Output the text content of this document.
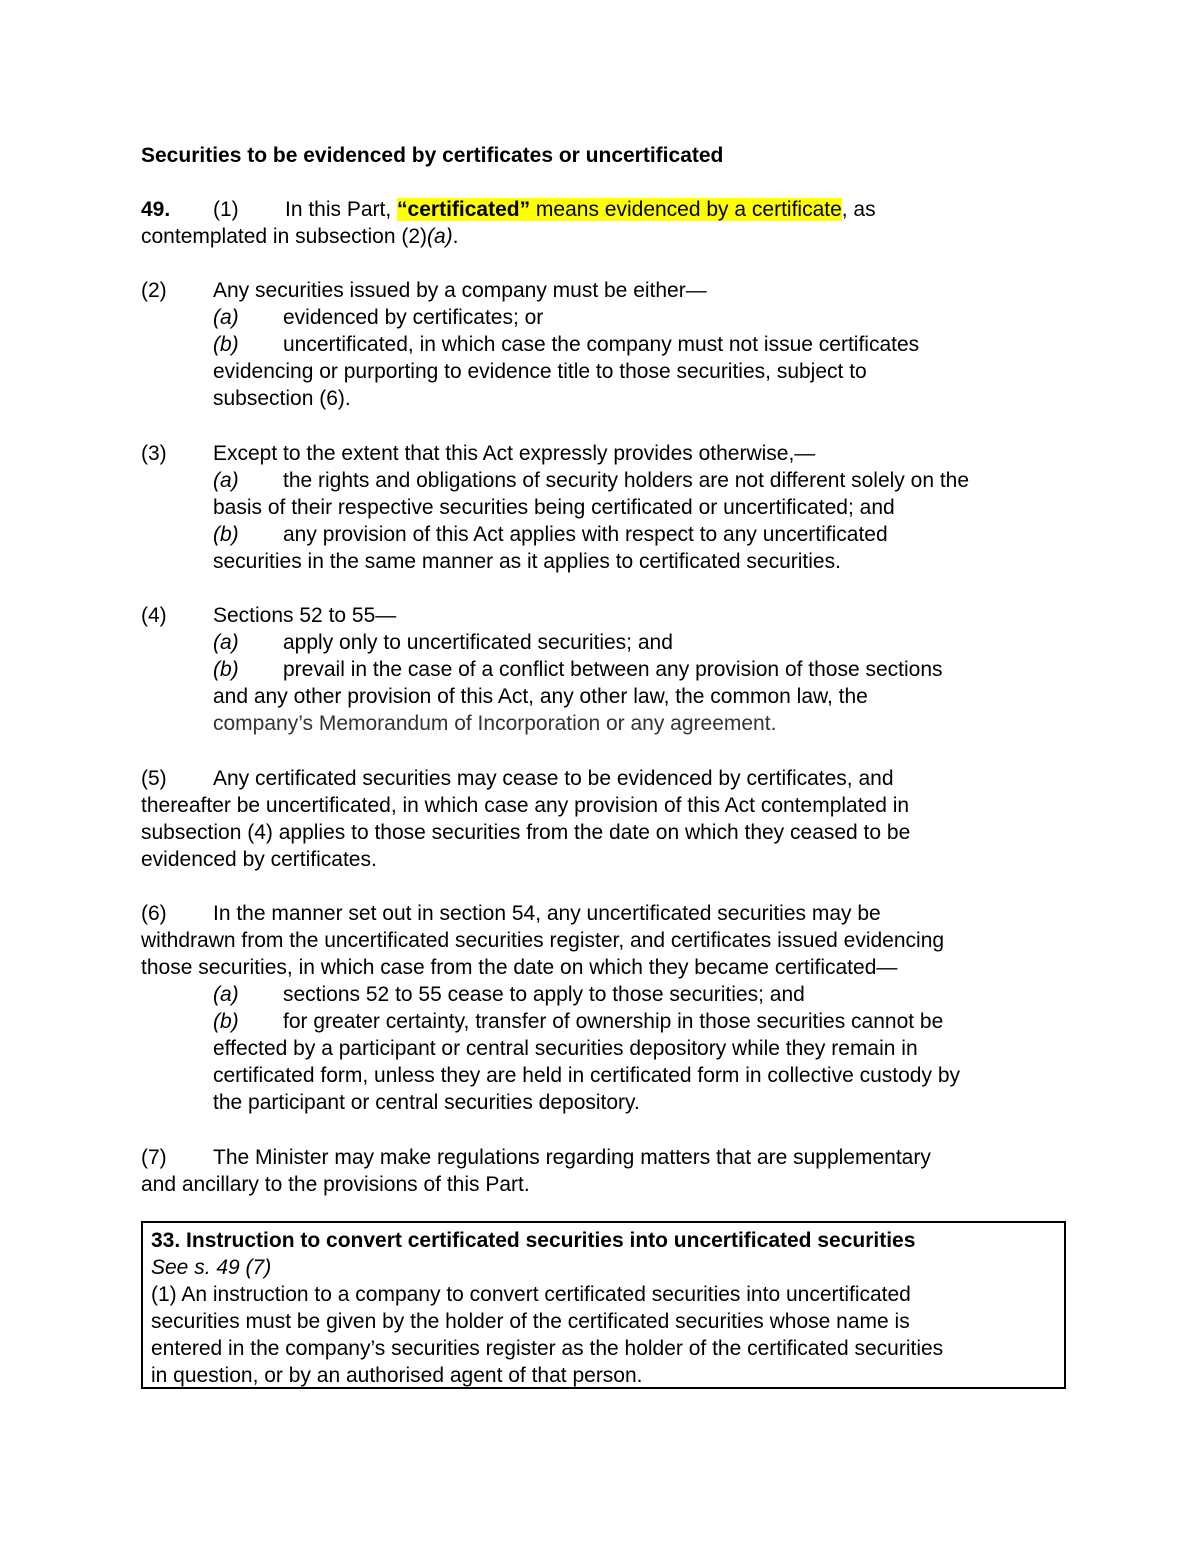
Securities to be evidenced by certificates or uncertificated
49. (1) In this Part, “certificated” means evidenced by a certificate, as
contemplated in subsection (2)(a).
(2) Any securities issued by a company must be either—
(a) evidenced by certificates; or
(b) uncertificated, in which case the company must not issue certificates
evidencing or purporting to evidence title to those securities, subject to
subsection (6).
(3) Except to the extent that this Act expressly provides otherwise,—
(a) the rights and obligations of security holders are not different solely on the
basis of their respective securities being certificated or uncertificated; and
(b) any provision of this Act applies with respect to any uncertificated
securities in the same manner as it applies to certificated securities.
(4) Sections 52 to 55—
(a) apply only to uncertificated securities; and
(b) prevail in the case of a conflict between any provision of those sections
and any other provision of this Act, any other law, the common law, the
company’s Memorandum of Incorporation or any agreement.
(5) Any certificated securities may cease to be evidenced by certificates, and
thereafter be uncertificated, in which case any provision of this Act contemplated in
subsection (4) applies to those securities from the date on which they ceased to be
evidenced by certificates.
(6) In the manner set out in section 54, any uncertificated securities may be
withdrawn from the uncertificated securities register, and certificates issued evidencing
those securities, in which case from the date on which they became certificated—
(a) sections 52 to 55 cease to apply to those securities; and
(b) for greater certainty, transfer of ownership in those securities cannot be
effected by a participant or central securities depository while they remain in
certificated form, unless they are held in certificated form in collective custody by
the participant or central securities depository.
(7) The Minister may make regulations regarding matters that are supplementary
and ancillary to the provisions of this Part.
33. Instruction to convert certificated securities into uncertificated securities
See s. 49 (7)
(1) An instruction to a company to convert certificated securities into uncertificated
securities must be given by the holder of the certificated securities whose name is
entered in the company’s securities register as the holder of the certificated securities
in question, or by an authorised agent of that person.
